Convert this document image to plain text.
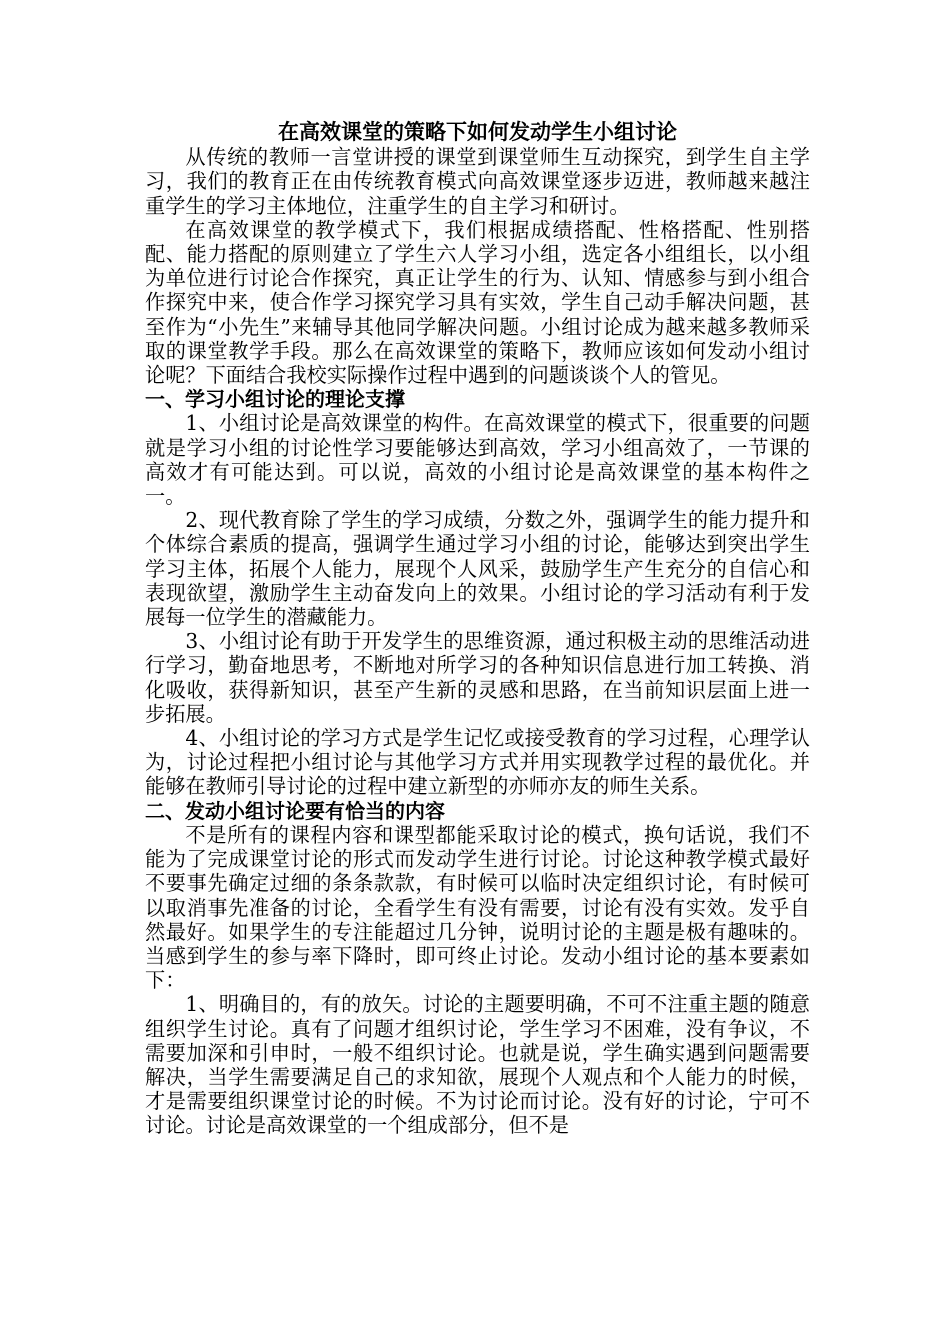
在高效课堂的策略下如何发动学生小组讨论

从传统的教师一言堂讲授的课堂到课堂师生互动探究，到学生自主学习，我们的教育正在由传统教育模式向高效课堂逐步迈进，教师越来越注重学生的学习主体地位，注重学生的自主学习和研讨。

在高效课堂的教学模式下，我们根据成绩搭配、性格搭配、性别搭配、能力搭配的原则建立了学生六人学习小组，选定各小组组长，以小组为单位进行讨论合作探究，真正让学生的行为、认知、情感参与到小组合作探究中来，使合作学习探究学习具有实效，学生自己动手解决问题，甚至作为“小先生”来辅导其他同学解决问题。小组讨论成为越来越多教师采取的课堂教学手段。那么在高效课堂的策略下，教师应该如何发动小组讨论呢？下面结合我校实际操作过程中遇到的问题谈谈个人的管见。

一、学习小组讨论的理论支撑

1、小组讨论是高效课堂的构件。在高效课堂的模式下，很重要的问题就是学习小组的讨论性学习要能够达到高效，学习小组高效了，一节课的高效才有可能达到。可以说，高效的小组讨论是高效课堂的基本构件之一。

2、现代教育除了学生的学习成绩，分数之外，强调学生的能力提升和个体综合素质的提高，强调学生通过学习小组的讨论，能够达到突出学生学习主体，拓展个人能力，展现个人风采，鼓励学生产生充分的自信心和表现欲望，激励学生主动奋发向上的效果。小组讨论的学习活动有利于发展每一位学生的潜藏能力。

3、小组讨论有助于开发学生的思维资源，通过积极主动的思维活动进行学习，勤奋地思考，不断地对所学习的各种知识信息进行加工转换、消化吸收，获得新知识，甚至产生新的灵感和思路，在当前知识层面上进一步拓展。

4、小组讨论的学习方式是学生记忆或接受教育的学习过程，心理学认为，讨论过程把小组讨论与其他学习方式并用实现教学过程的最优化。并能够在教师引导讨论的过程中建立新型的亦师亦友的师生关系。

二、发动小组讨论要有恰当的内容

不是所有的课程内容和课型都能采取讨论的模式，换句话说，我们不能为了完成课堂讨论的形式而发动学生进行讨论。讨论这种教学模式最好不要事先确定过细的条条款款，有时候可以临时决定组织讨论，有时候可以取消事先准备的讨论，全看学生有没有需要，讨论有没有实效。发乎自然最好。如果学生的专注能超过几分钟，说明讨论的主题是极有趣味的。当感到学生的参与率下降时，即可终止讨论。发动小组讨论的基本要素如下：

1、明确目的，有的放矢。讨论的主题要明确，不可不注重主题的随意组织学生讨论。真有了问题才组织讨论，学生学习不困难，没有争议，不需要加深和引申时，一般不组织讨论。也就是说，学生确实遇到问题需要解决，当学生需要满足自己的求知欲，展现个人观点和个人能力的时候，才是需要组织课堂讨论的时候。不为讨论而讨论。没有好的讨论，宁可不讨论。讨论是高效课堂的一个组成部分，但不是
